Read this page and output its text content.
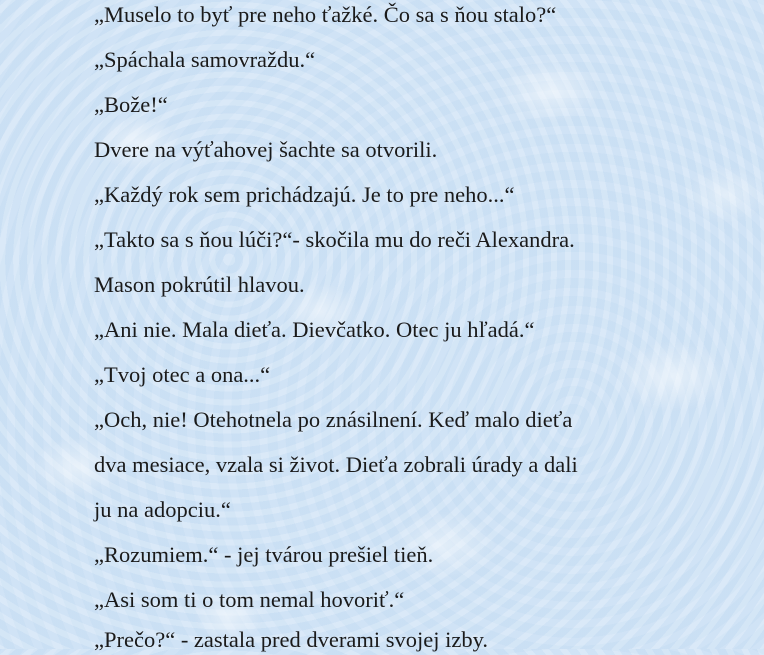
„Muselo to byť pre neho ťažké. Čo sa s ňou stalo?“

„Spáchala samovraždu.“

„Bože!“

Dvere na výťahovej šachte sa otvorili.

„Každý rok sem prichádzajú. Je to pre neho...“

„Takto sa s ňou lúči?“- skočila mu do reči Alexandra.

Mason pokrútil hlavou.

„Ani nie. Mala dieťa. Dievčatko. Otec ju hľadá.“

„Tvoj otec a ona...“

„Och, nie! Otehotnela po znásilnení. Keď malo dieťa

dva mesiace, vzala si život. Dieťa zobrali úrady a dali

ju na adopciu.“

„Rozumiem.“ - jej tvárou prešiel tieň.

„Asi som ti o tom nemal hovoriť.“

„Prečo?“ - zastala pred dverami svojej izby.
